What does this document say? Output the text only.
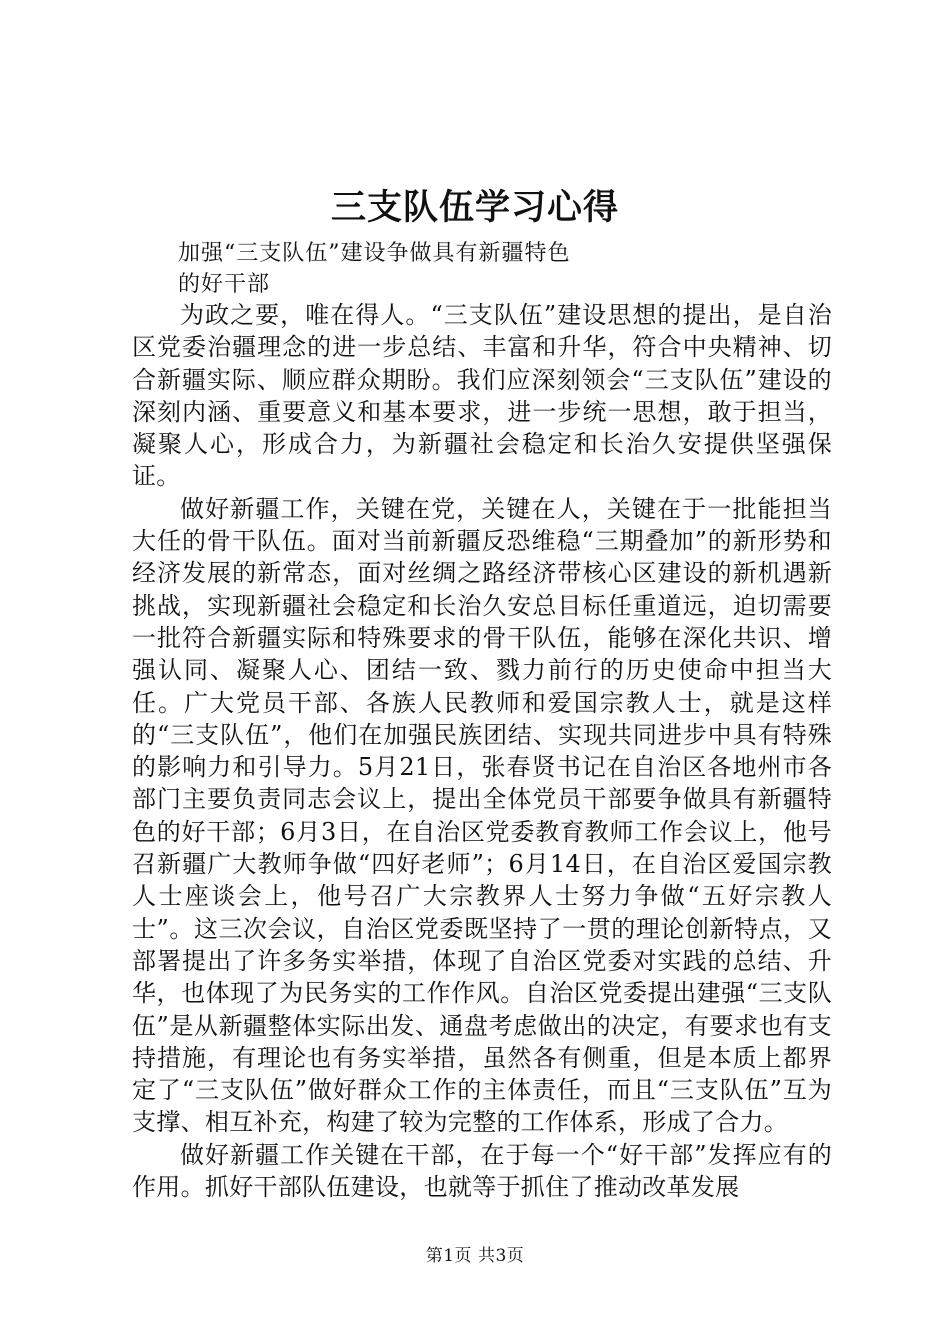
三支队伍学习心得
加强“三支队伍”建设争做具有新疆特色
的好干部

为政之要，唯在得人。“三支队伍”建设思想的提出，是自治区党委治疆理念的进一步总结、丰富和升华，符合中央精神、切合新疆实际、顺应群众期盼。我们应深刻领会“三支队伍”建设的深刻内涵、重要意义和基本要求，进一步统一思想，敢于担当，凝聚人心，形成合力，为新疆社会稳定和长治久安提供坚强保证。

做好新疆工作，关键在党，关键在人，关键在于一批能担当大任的骨干队伍。面对当前新疆反恐维稳“三期叠加”的新形势和经济发展的新常态，面对丝绸之路经济带核心区建设的新机遇新挑战，实现新疆社会稳定和长治久安总目标任重道远，迫切需要一批符合新疆实际和特殊要求的骨干队伍，能够在深化共识、增强认同、凝聚人心、团结一致、戮力前行的历史使命中担当大任。广大党员干部、各族人民教师和爱国宗教人士，就是这样的“三支队伍”，他们在加强民族团结、实现共同进步中具有特殊的影响力和引导力。5月21日，张春贤书记在自治区各地州市各部门主要负责同志会议上，提出全体党员干部要争做具有新疆特色的好干部；6月3日，在自治区党委教育教师工作会议上，他号召新疆广大教师争做“四好老师”；6月14日，在自治区爱国宗教人士座谈会上，他号召广大宗教界人士努力争做“五好宗教人士”。这三次会议，自治区党委既坚持了一贯的理论创新特点，又部署提出了许多务实举措，体现了自治区党委对实践的总结、升华，也体现了为民务实的工作作风。自治区党委提出建强“三支队伍”是从新疆整体实际出发、通盘考虑做出的决定，有要求也有支持措施，有理论也有务实举措，虽然各有侧重，但是本质上都界定了“三支队伍”做好群众工作的主体责任，而且“三支队伍”互为支撑、相互补充，构建了较为完整的工作体系，形成了合力。

做好新疆工作关键在干部，在于每一个“好干部”发挥应有的作用。抓好干部队伍建设，也就等于抓住了推动改革发展

第1页 共3页
